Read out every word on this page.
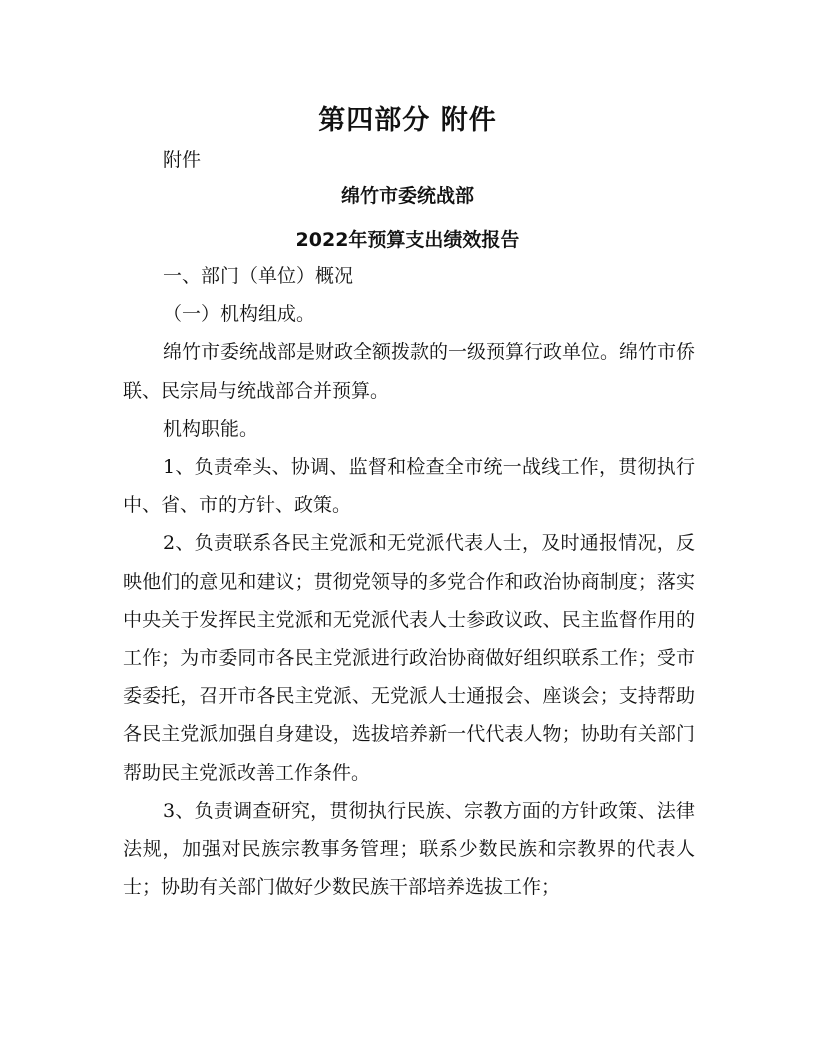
第四部分 附件
附件
绵竹市委统战部
2022年预算支出绩效报告

一、部门（单位）概况

（一）机构组成。

绵竹市委统战部是财政全额拨款的一级预算行政单位。绵竹市侨联、民宗局与统战部合并预算。

机构职能。

1、负责牵头、协调、监督和检查全市统一战线工作，贯彻执行中、省、市的方针、政策。

2、负责联系各民主党派和无党派代表人士，及时通报情况，反映他们的意见和建议；贯彻党领导的多党合作和政治协商制度；落实中央关于发挥民主党派和无党派代表人士参政议政、民主监督作用的工作；为市委同市各民主党派进行政治协商做好组织联系工作；受市委委托，召开市各民主党派、无党派人士通报会、座谈会；支持帮助各民主党派加强自身建设，选拔培养新一代代表人物；协助有关部门帮助民主党派改善工作条件。

3、负责调查研究，贯彻执行民族、宗教方面的方针政策、法律法规，加强对民族宗教事务管理；联系少数民族和宗教界的代表人士；协助有关部门做好少数民族干部培养选拔工作；
